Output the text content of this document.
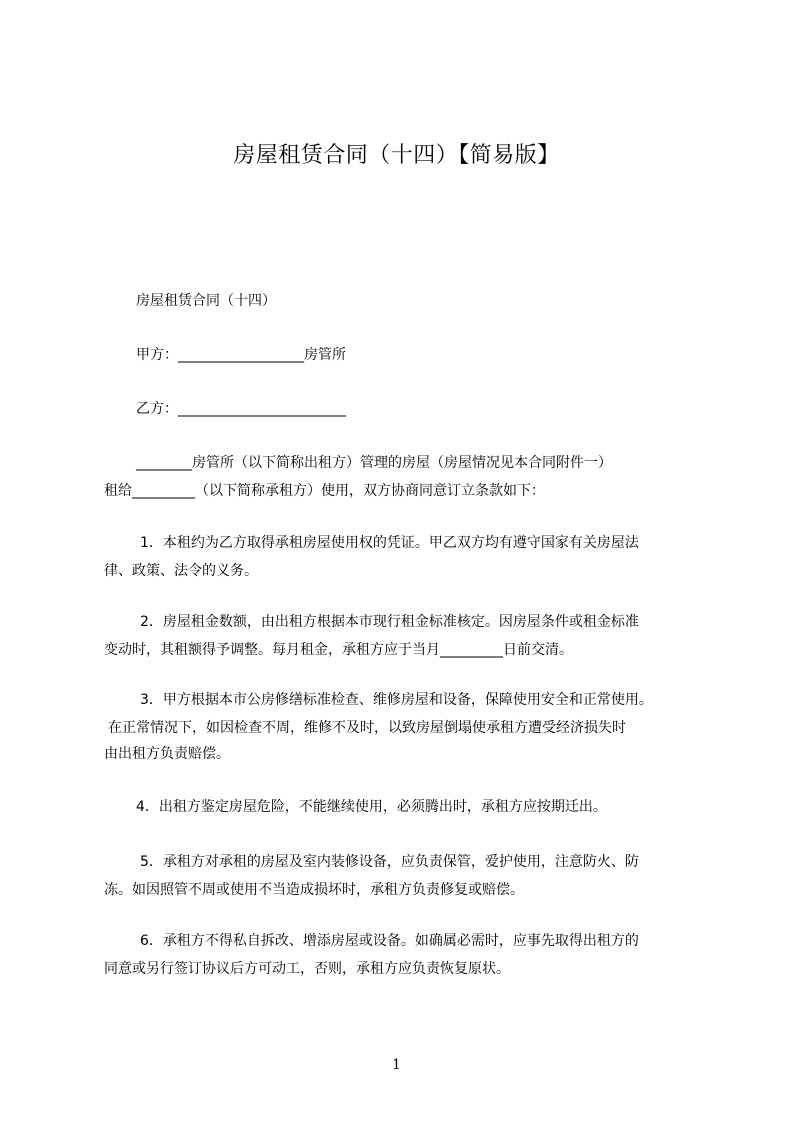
房屋租赁合同（十四）【简易版】
房屋租赁合同（十四）
甲方：__________________房管所
乙方：________________________
________房管所（以下简称出租方）管理的房屋（房屋情况见本合同附件一）
租给_________（以下简称承租方）使用，双方协商同意订立条款如下：
1．本租约为乙方取得承租房屋使用权的凭证。甲乙双方均有遵守国家有关房屋法
律、政策、法令的义务。
2．房屋租金数额，由出租方根据本市现行租金标准核定。因房屋条件或租金标准
变动时，其租额得予调整。每月租金，承租方应于当月_________日前交清。
3．甲方根据本市公房修缮标准检查、维修房屋和设备，保障使用安全和正常使用。
在正常情况下，如因检查不周，维修不及时，以致房屋倒塌使承租方遭受经济损失时
由出租方负责赔偿。
4．出租方鉴定房屋危险，不能继续使用，必须腾出时，承租方应按期迁出。
5．承租方对承租的房屋及室内装修设备，应负责保管，爱护使用，注意防火、防
冻。如因照管不周或使用不当造成损坏时，承租方负责修复或赔偿。
6．承租方不得私自拆改、增添房屋或设备。如确属必需时，应事先取得出租方的
同意或另行签订协议后方可动工，否则，承租方应负责恢复原状。
1
